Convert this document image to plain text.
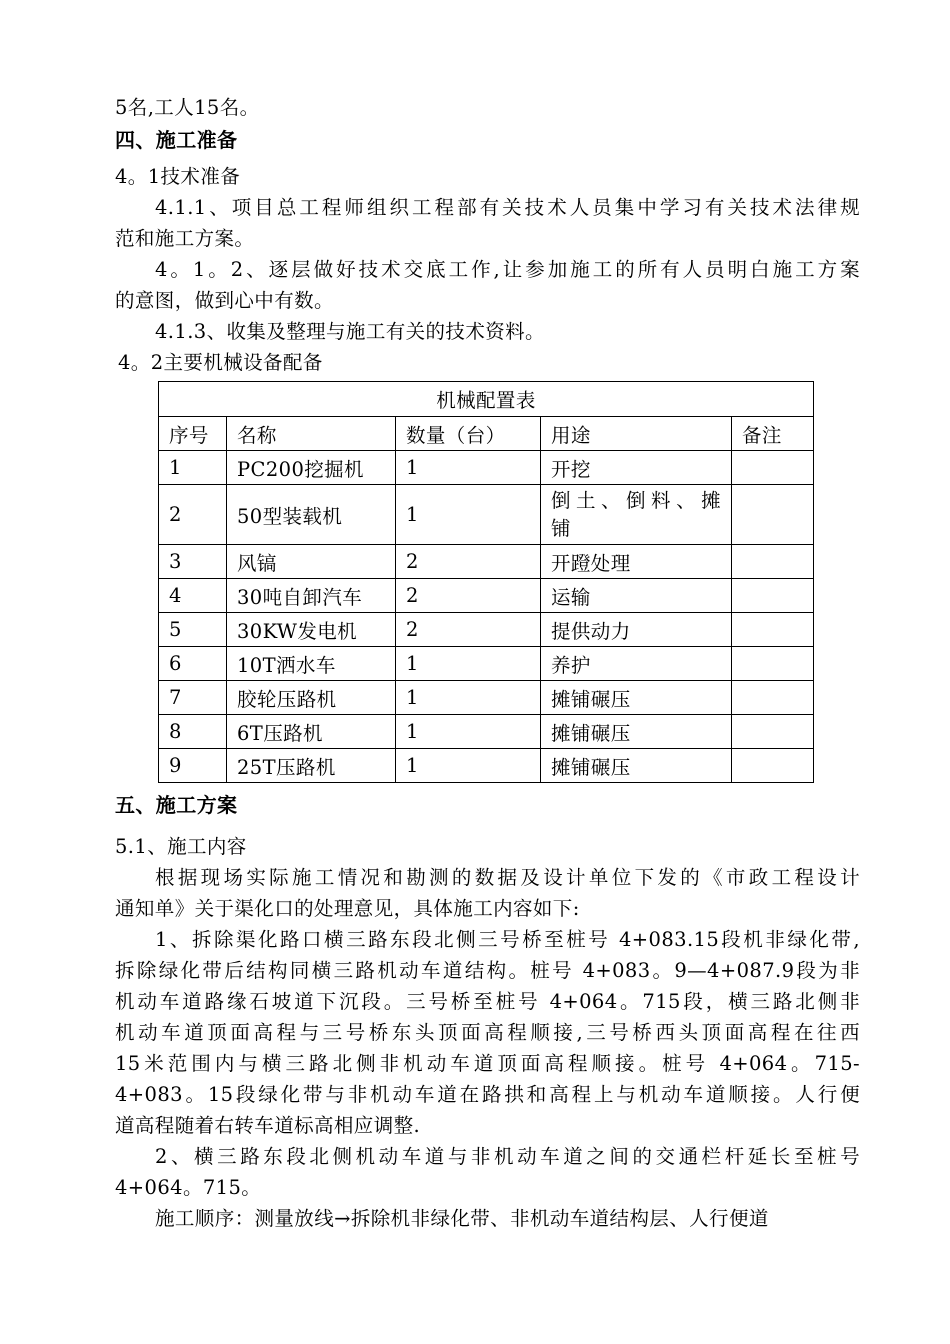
5名,工人15名。
四、施工准备
4。1技术准备
4.1.1、项目总工程师组织工程部有关技术人员集中学习有关技术法律规
范和施工方案。
4。1。2、逐层做好技术交底工作,让参加施工的所有人员明白施工方案
的意图，做到心中有数。
4.1.3、收集及整理与施工有关的技术资料。
4。2主要机械设备配备
机械配置表				
序号	名称	数量（台）	用途	备注
1	PC200挖掘机	1	开挖	
2	50型装载机	1	倒土、倒料、摊
铺	

3	风镐	2	开蹬处理	
4	30吨自卸汽车	2	运输	
5	30KW发电机	2	提供动力	
6	10T洒水车	1	养护	
7	胶轮压路机	1	摊铺碾压	
8	6T压路机	1	摊铺碾压	
9	25T压路机	1	摊铺碾压	
五、施工方案
5.1、施工内容
根据现场实际施工情况和勘测的数据及设计单位下发的《市政工程设计
通知单》关于渠化口的处理意见，具体施工内容如下:
1、拆除渠化路口横三路东段北侧三号桥至桩号 4+083.15段机非绿化带,
拆除绿化带后结构同横三路机动车道结构。桩号 4+083。9—4+087.9段为非
机动车道路缘石坡道下沉段。三号桥至桩号 4+064。715段，横三路北侧非
机动车道顶面高程与三号桥东头顶面高程顺接,三号桥西头顶面高程在往西
15米范围内与横三路北侧非机动车道顶面高程顺接。桩号 4+064。715-
4+083。15段绿化带与非机动车道在路拱和高程上与机动车道顺接。人行便
道高程随着右转车道标高相应调整.
2、横三路东段北侧机动车道与非机动车道之间的交通栏杆延长至桩号
4+064。715。
施工顺序：测量放线→拆除机非绿化带、非机动车道结构层、人行便道
